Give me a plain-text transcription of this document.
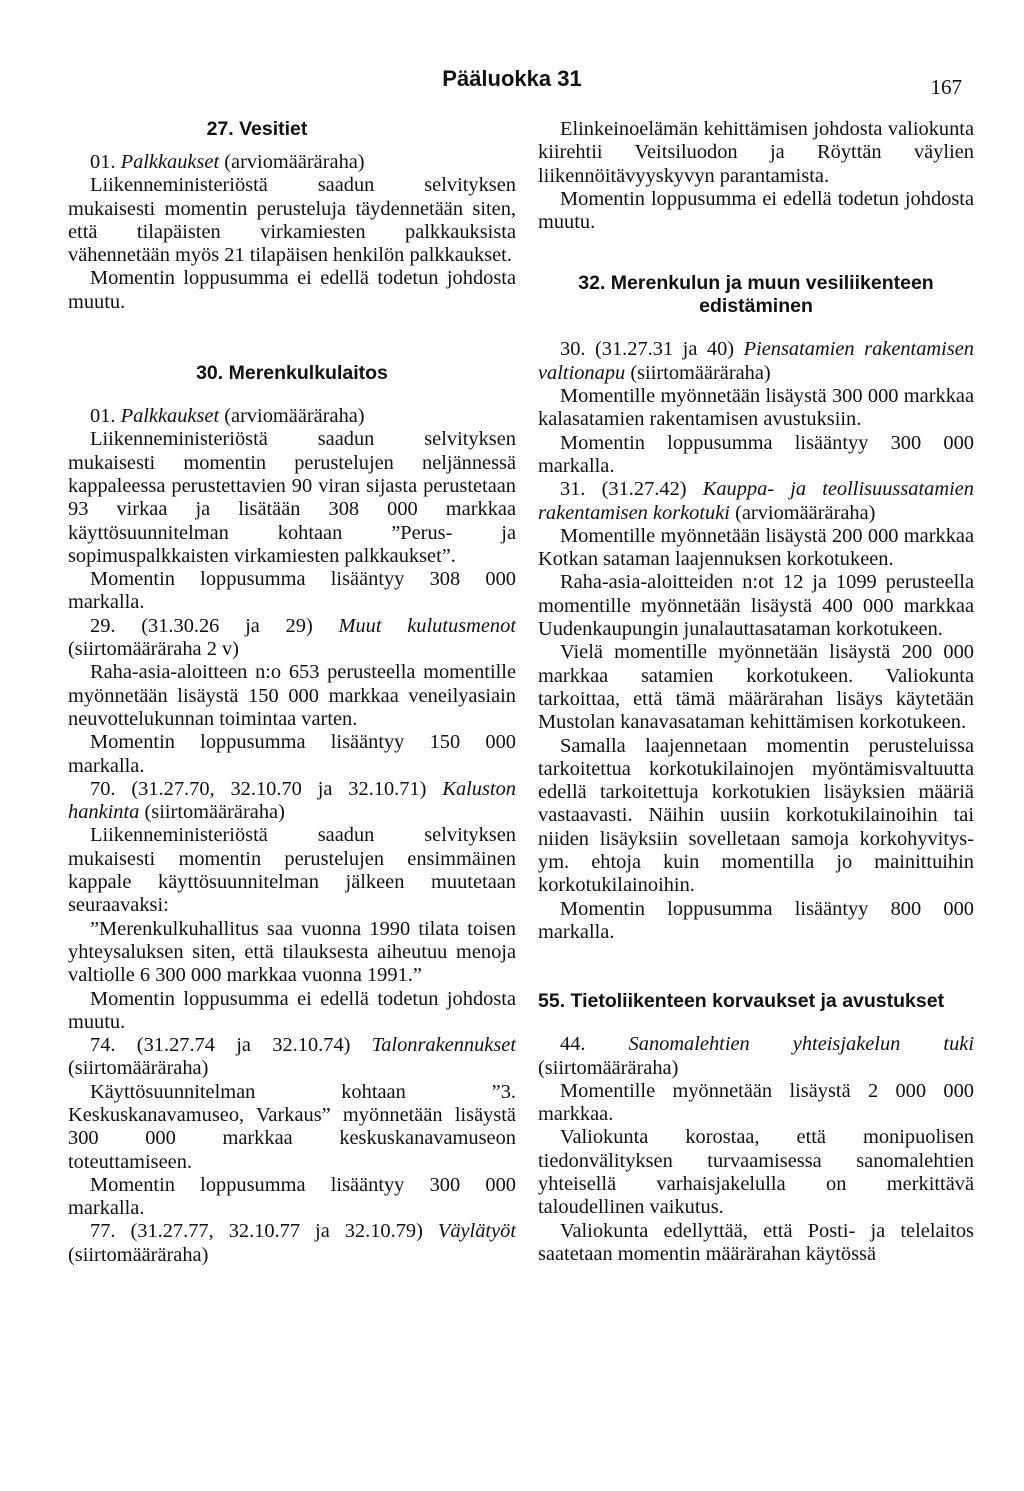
Pääluokka 31	167

27. Vesitiet

01. Palkkaukset (arviomääräraha)

Liikenneministeriöstä saadun selvityksen mukaisesti momentin perusteluja täydennetään siten, että tilapäisten virkamiesten palkkauksista vähennetään myös 21 tilapäisen henkilön palkkaukset.

Momentin loppusumma ei edellä todetun johdosta muutu.

30. Merenkulkulaitos

01. Palkkaukset (arviomääräraha)

Liikenneministeriöstä saadun selvityksen mukaisesti momentin perustelujen neljännessä kappaleessa perustettavien 90 viran sijasta perustetaan 93 virkaa ja lisätään 308 000 markkaa käyttösuunnitelman kohtaan ”Perus- ja sopimuspalkkaisten virkamiesten palkkaukset”.

Momentin loppusumma lisääntyy 308 000 markalla.

29. (31.30.26 ja 29) Muut kulutusmenot (siirtomääräraha 2 v)

Raha-asia-aloitteen n:o 653 perusteella momentille myönnetään lisäystä 150 000 markkaa veneilyasiain neuvottelukunnan toimintaa varten.

Momentin loppusumma lisääntyy 150 000 markalla.

70. (31.27.70, 32.10.70 ja 32.10.71) Kaluston hankinta (siirtomääräraha)

Liikenneministeriöstä saadun selvityksen mukaisesti momentin perustelujen ensimmäinen kappale käyttösuunnitelman jälkeen muutetaan seuraavaksi:

”Merenkulkuhallitus saa vuonna 1990 tilata toisen yhteysaluksen siten, että tilauksesta aiheutuu menoja valtiolle 6 300 000 markkaa vuonna 1991.”

Momentin loppusumma ei edellä todetun johdosta muutu.

74. (31.27.74 ja 32.10.74) Talonrakennukset (siirtomääräraha)

Käyttösuunnitelman kohtaan ”3. Keskuskanavamuseo, Varkaus” myönnetään lisäystä 300 000 markkaa keskuskanavamuseon toteuttamiseen.

Momentin loppusumma lisääntyy 300 000 markalla.

77. (31.27.77, 32.10.77 ja 32.10.79) Väylätyöt (siirtomääräraha)

Elinkeinoelämän kehittämisen johdosta valiokunta kiirehtii Veitsiluodon ja Röyttän väylien liikennöitävyyskyvyn parantamista.

Momentin loppusumma ei edellä todetun johdosta muutu.

32. Merenkulun ja muun vesiliikenteen edistäminen

30. (31.27.31 ja 40) Piensatamien rakentamisen valtionapu (siirtomääräraha)

Momentille myönnetään lisäystä 300 000 markkaa kalasatamien rakentamisen avustuksiin.

Momentin loppusumma lisääntyy 300 000 markalla.

31. (31.27.42) Kauppa- ja teollisuussatamien rakentamisen korkotuki (arviomääräraha)

Momentille myönnetään lisäystä 200 000 markkaa Kotkan sataman laajennuksen korkotukeen.

Raha-asia-aloitteiden n:ot 12 ja 1099 perusteella momentille myönnetään lisäystä 400 000 markkaa Uudenkaupungin junalauttasataman korkotukeen.

Vielä momentille myönnetään lisäystä 200 000 markkaa satamien korkotukeen. Valiokunta tarkoittaa, että tämä määrärahan lisäys käytetään Mustolan kanavasataman kehittämisen korkotukeen.

Samalla laajennetaan momentin perusteluissa tarkoitettua korkotukilainojen myöntämisvaltuutta edellä tarkoitettuja korkotukien lisäyksien määriä vastaavasti. Näihin uusiin korkotukilainoihin tai niiden lisäyksiin sovelletaan samoja korkohyvitys- ym. ehtoja kuin momentilla jo mainittuihin korkotukilainoihin.

Momentin loppusumma lisääntyy 800 000 markalla.

55. Tietoliikenteen korvaukset ja avustukset

44. Sanomalehtien yhteisjakelun tuki (siirtomääräraha)

Momentille myönnetään lisäystä 2 000 000 markkaa.

Valiokunta korostaa, että monipuolisen tiedonvälityksen turvaamisessa sanomalehtien yhteisellä varhaisjakelulla on merkittävä taloudellinen vaikutus.

Valiokunta edellyttää, että Posti- ja telelaitos saatetaan momentin määrärahan käytössä
